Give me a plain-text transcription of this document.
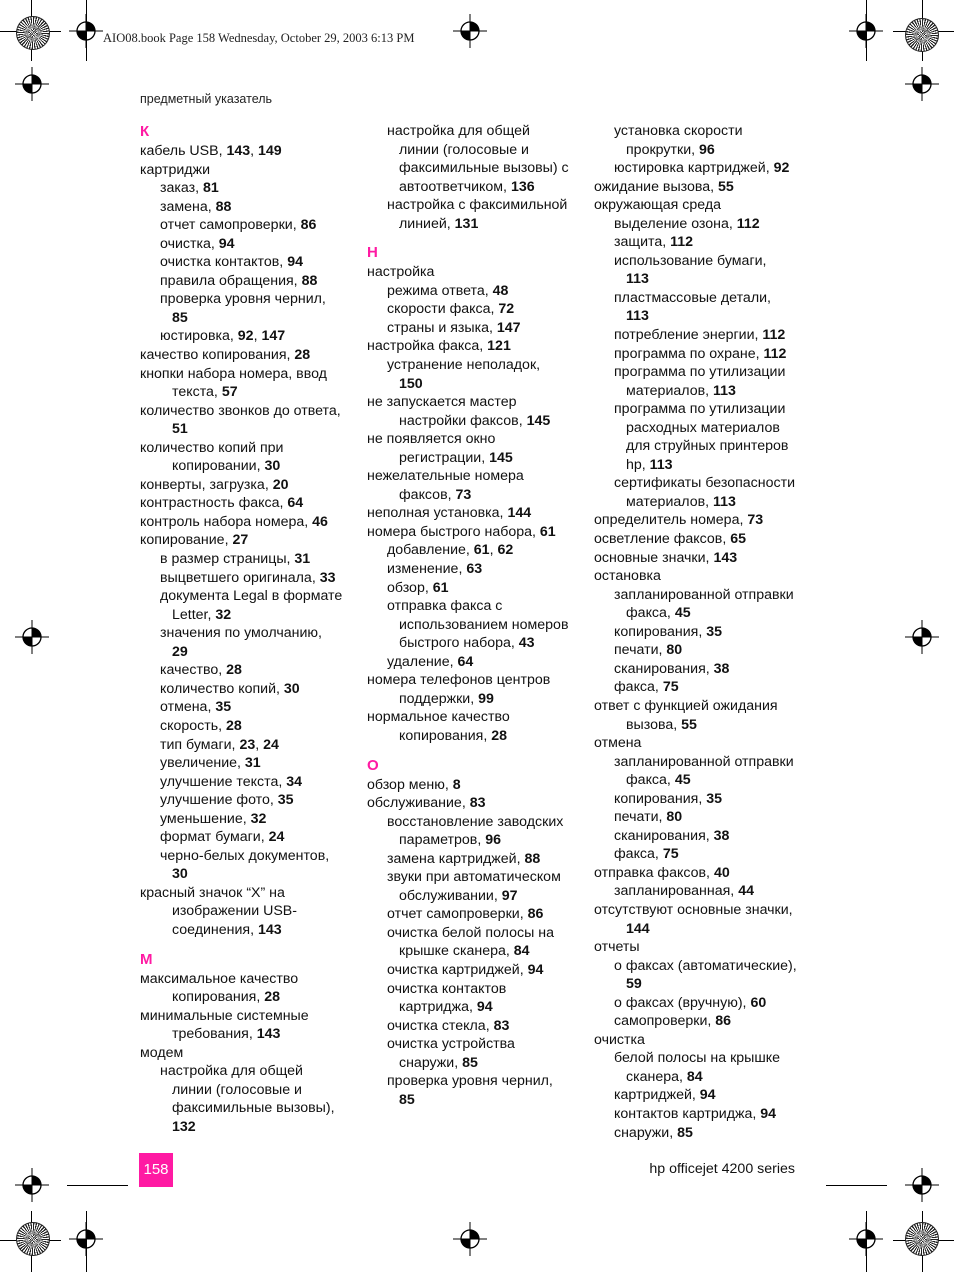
AIO08.book Page 158 Wednesday, October 29, 2003 6:13 PM
предметный указатель
К
кабель USB, 143, 149
картриджи
заказ, 81
замена, 88
отчет самопроверки, 86
очистка, 94
очистка контактов, 94
правила обращения, 88
проверка уровня чернил,
85
юстировка, 92, 147
качество копирования, 28
кнопки набора номера, ввод
текста, 57
количество звонков до ответа,
51
количество копий при
копировании, 30
конверты, загрузка, 20
контрастность факса, 64
контроль набора номера, 46
копирование, 27
в размер страницы, 31
выцветшего оригинала, 33
документа Legal в формате
Letter, 32
значения по умолчанию,
29
качество, 28
количество копий, 30
отмена, 35
скорость, 28
тип бумаги, 23, 24
увеличение, 31
улучшение текста, 34
улучшение фото, 35
уменьшение, 32
формат бумаги, 24
черно-белых документов,
30
красный значок “X” на
изображении USB-
соединения, 143
М
максимальное качество
копирования, 28
минимальные системные
требования, 143
модем
настройка для общей
линии (голосовые и
факсимильные вызовы),
132
настройка для общей
линии (голосовые и
факсимильные вызовы) с
автоответчиком, 136
настройка с факсимильной
линией, 131
Н
настройка
режима ответа, 48
скорости факса, 72
страны и языка, 147
настройка факса, 121
устранение неполадок,
150
не запускается мастер
настройки факсов, 145
не появляется окно
регистрации, 145
нежелательные номера
факсов, 73
неполная установка, 144
номера быстрого набора, 61
добавление, 61, 62
изменение, 63
обзор, 61
отправка факса с
использованием номеров
быстрого набора, 43
удаление, 64
номера телефонов центров
поддержки, 99
нормальное качество
копирования, 28
О
обзор меню, 8
обслуживание, 83
восстановление заводских
параметров, 96
замена картриджей, 88
звуки при автоматическом
обслуживании, 97
отчет самопроверки, 86
очистка белой полосы на
крышке сканера, 84
очистка картриджей, 94
очистка контактов
картриджа, 94
очистка стекла, 83
очистка устройства
снаружи, 85
проверка уровня чернил,
85
установка скорости
прокрутки, 96
юстировка картриджей, 92
ожидание вызова, 55
окружающая среда
выделение озона, 112
защита, 112
использование бумаги,
113
пластмассовые детали,
113
потребление энергии, 112
программа по охране, 112
программа по утилизации
материалов, 113
программа по утилизации
расходных материалов
для струйных принтеров
hp, 113
сертификаты безопасности
материалов, 113
определитель номера, 73
осветление факсов, 65
основные значки, 143
остановка
запланированной отправки
факса, 45
копирования, 35
печати, 80
сканирования, 38
факса, 75
ответ с функцией ожидания
вызова, 55
отмена
запланированной отправки
факса, 45
копирования, 35
печати, 80
сканирования, 38
факса, 75
отправка факсов, 40
запланированная, 44
отсутствуют основные значки,
144
отчеты
о факсах (автоматические),
59
о факсах (вручную), 60
самопроверки, 86
очистка
белой полосы на крышке
сканера, 84
картриджей, 94
контактов картриджа, 94
снаружи, 85
158	hp officejet 4200 series
